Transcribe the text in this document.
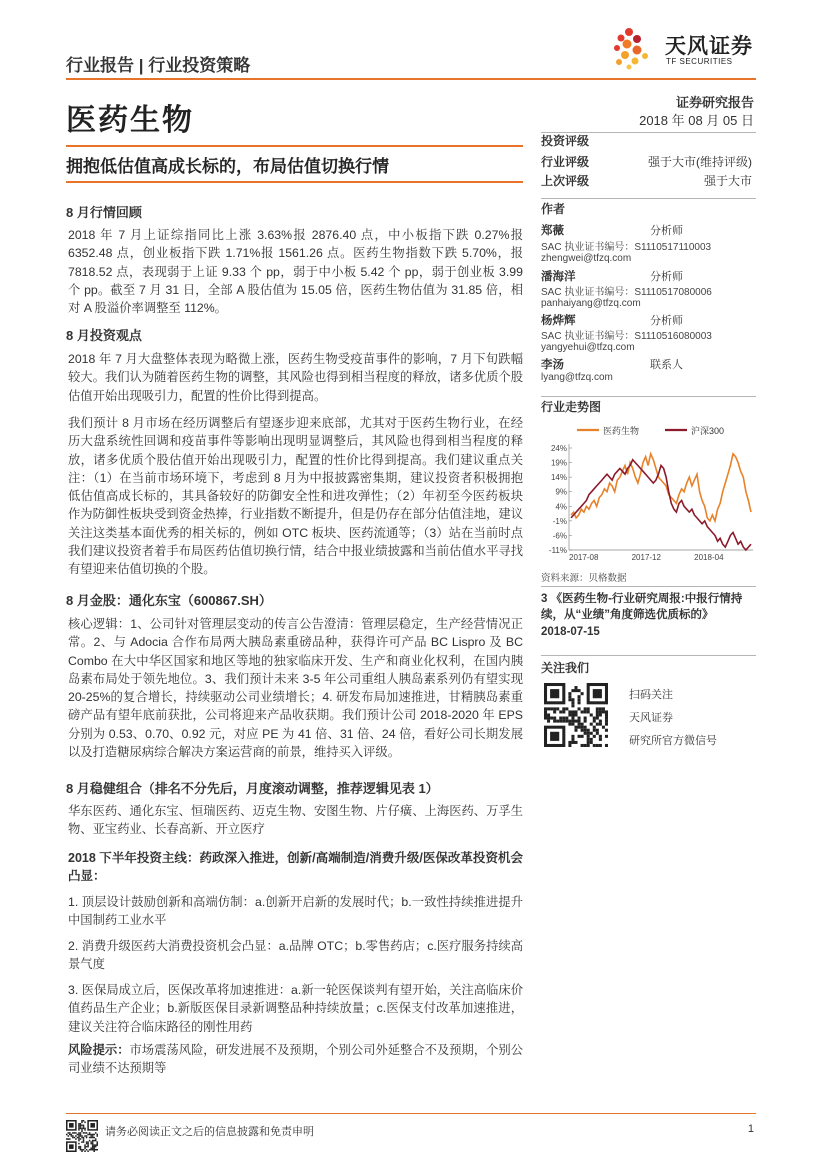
行业报告 | 行业投资策略
天风证券
TF SECURITIES
医药生物
证券研究报告
2018 年 08 月 05 日
拥抱低估值高成长标的，布局估值切换行情
8 月行情回顾
2018 年 7 月上证综指同比上涨 3.63%报 2876.40 点，中小板指下跌 0.27%报 6352.48 点，创业板指下跌 1.71%报 1561.26 点。医药生物指数下跌 5.70%，报 7818.52 点，表现弱于上证 9.33 个 pp，弱于中小板 5.42 个 pp，弱于创业板 3.99 个 pp。截至 7 月 31 日，全部 A 股估值为 15.05 倍，医药生物估值为 31.85 倍，相对 A 股溢价率调整至 112%。
8 月投资观点
2018 年 7 月大盘整体表现为略微上涨，医药生物受疫苗事件的影响，7 月下旬跌幅较大。我们认为随着医药生物的调整，其风险也得到相当程度的释放，诸多优质个股估值开始出现吸引力，配置的性价比得到提高。
我们预计 8 月市场在经历调整后有望逐步迎来底部，尤其对于医药生物行业，在经历大盘系统性回调和疫苗事件等影响出现明显调整后，其风险也得到相当程度的释放，诸多优质个股估值开始出现吸引力，配置的性价比得到提高。我们建议重点关注：（1）在当前市场环境下，考虑到 8 月为中报披露密集期，建议投资者积极拥抱低估值高成长标的，其具备较好的防御安全性和进攻弹性；（2）年初至今医药板块作为防御性板块受到资金热捧，行业指数不断提升，但是仍存在部分估值洼地，建议关注这类基本面优秀的相关标的，例如 OTC 板块、医药流通等；（3）站在当前时点我们建议投资者着手布局医药估值切换行情，结合中报业绩披露和当前估值水平寻找有望迎来估值切换的个股。
8 月金股：通化东宝（600867.SH）
核心逻辑：1、公司针对管理层变动的传言公告澄清：管理层稳定，生产经营情况正常。2、与 Adocia 合作布局两大胰岛素重磅品种，获得许可产品 BC Lispro 及 BC Combo 在大中华区国家和地区等地的独家临床开发、生产和商业化权利，在国内胰岛素布局处于领先地位。3、我们预计未来 3-5 年公司重组人胰岛素系列仍有望实现 20-25%的复合增长，持续驱动公司业绩增长；4. 研发布局加速推进，甘精胰岛素重磅产品有望年底前获批，公司将迎来产品收获期。我们预计公司 2018-2020 年 EPS 分别为 0.53、0.70、0.92 元，对应 PE 为 41 倍、31 倍、24 倍，看好公司长期发展以及打造糖尿病综合解决方案运营商的前景，维持买入评级。
8 月稳健组合（排名不分先后，月度滚动调整，推荐逻辑见表 1）
华东医药、通化东宝、恒瑞医药、迈克生物、安图生物、片仔癀、上海医药、万孚生物、亚宝药业、长春高新、开立医疗
2018 下半年投资主线：药政深入推进，创新/高端制造/消费升级/医保改革投资机会凸显：
1. 顶层设计鼓励创新和高端仿制：a.创新开启新的发展时代；b.一致性持续推进提升中国制药工业水平
2. 消费升级医药大消费投资机会凸显：a.品牌 OTC；b.零售药店；c.医疗服务持续高景气度
3. 医保局成立后，医保改革将加速推进：a.新一轮医保谈判有望开始，关注高临床价值药品生产企业；b.新版医保目录新调整品种持续放量；c.医保支付改革加速推进，建议关注符合临床路径的刚性用药
风险提示：市场震荡风险，研发进展不及预期，个别公司外延整合不及预期，个别公司业绩不达预期等
投资评级
行业评级	强于大市(维持评级)
上次评级	强于大市
作者
郑薇	分析师
SAC 执业证书编号：S1110517110003
zhengwei@tfzq.com
潘海洋	分析师
SAC 执业证书编号：S1110517080006
panhaiyang@tfzq.com
杨烨辉	分析师
SAC 执业证书编号：S1110516080003
yangyehui@tfzq.com
李汤	联系人
lyang@tfzq.com
行业走势图
24%
19%
14%
9%
4%
-1%
-6%
-11%
2017-08	2017-12	2018-04
医药生物	沪深300
资料来源：贝格数据
3 《医药生物-行业研究周报:中报行情持续，从“业绩”角度筛选优质标的》
2018-07-15
关注我们
扫码关注
天风证券
研究所官方微信号
请务必阅读正文之后的信息披露和免责申明	1
